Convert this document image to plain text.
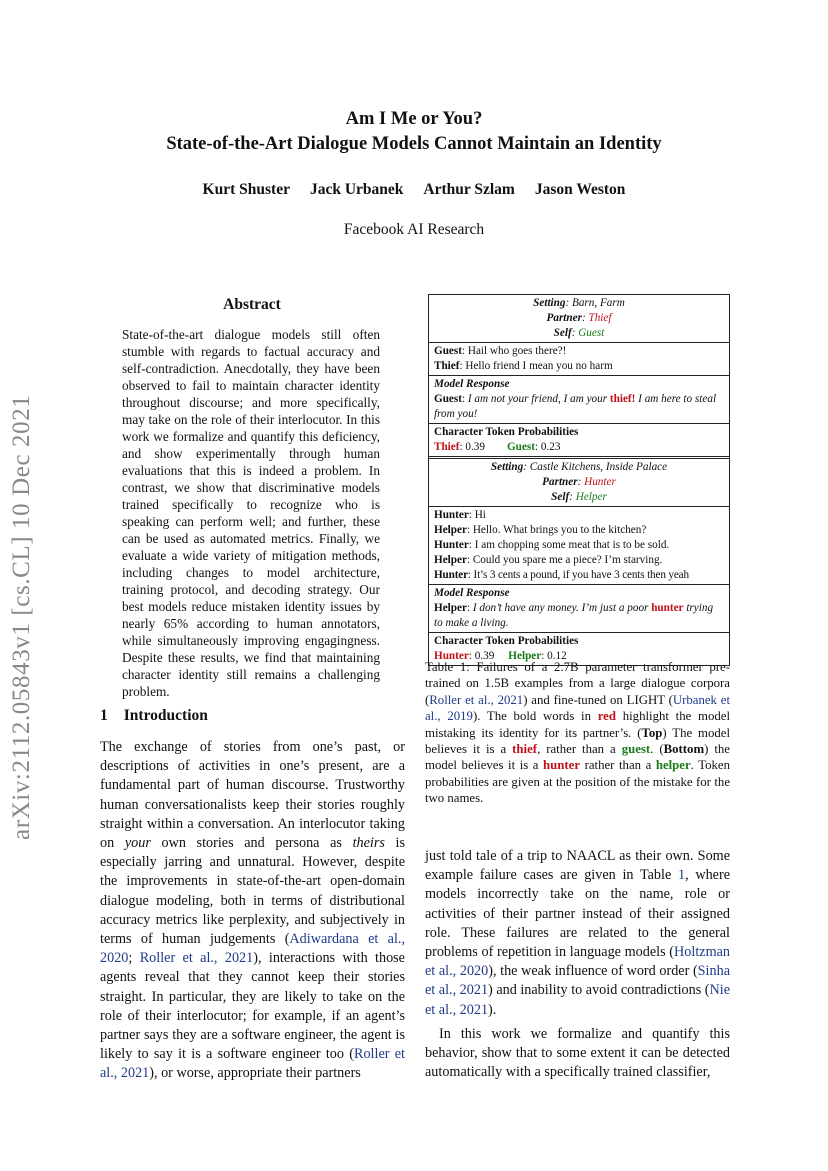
arXiv:2112.05843v1 [cs.CL] 10 Dec 2021
Am I Me or You?
State-of-the-Art Dialogue Models Cannot Maintain an Identity
Kurt Shuster Jack Urbanek Arthur Szlam Jason Weston
Facebook AI Research
Abstract
State-of-the-art dialogue models still often stumble with regards to factual accuracy and self-contradiction. Anecdotally, they have been observed to fail to maintain character identity throughout discourse; and more specifically, may take on the role of their interlocutor. In this work we formalize and quantify this deficiency, and show experimentally through human evaluations that this is indeed a problem. In contrast, we show that discriminative models trained specifically to recognize who is speaking can perform well; and further, these can be used as automated metrics. Finally, we evaluate a wide variety of mitigation methods, including changes to model architecture, training protocol, and decoding strategy. Our best models reduce mistaken identity issues by nearly 65% according to human annotators, while simultaneously improving engagingness. Despite these results, we find that maintaining character identity still remains a challenging problem.
1 Introduction
The exchange of stories from one’s past, or descriptions of activities in one’s present, are a fundamental part of human discourse. Trustworthy human conversationalists keep their stories roughly straight within a conversation. An interlocutor taking on your own stories and persona as theirs is especially jarring and unnatural. However, despite the improvements in state-of-the-art open-domain dialogue modeling, both in terms of distributional accuracy metrics like perplexity, and subjectively in terms of human judgements (Adiwardana et al., 2020; Roller et al., 2021), interactions with those agents reveal that they cannot keep their stories straight. In particular, they are likely to take on the role of their interlocutor; for example, if an agent’s partner says they are a software engineer, the agent is likely to say it is a software engineer too (Roller et al., 2021), or worse, appropriate their partners
Setting: Barn, Farm
Partner: Thief
Self: Guest
Guest: Hail who goes there?!
Thief: Hello friend I mean you no harm
Model Response
Guest: I am not your friend, I am your thief! I am here to steal from you!
Character Token Probabilities
Thief: 0.39 Guest: 0.23
Setting: Castle Kitchens, Inside Palace
Partner: Hunter
Self: Helper
Hunter: Hi
Helper: Hello. What brings you to the kitchen?
Hunter: I am chopping some meat that is to be sold.
Helper: Could you spare me a piece? I’m starving.
Hunter: It’s 3 cents a pound, if you have 3 cents then yeah
Model Response
Helper: I don’t have any money. I’m just a poor hunter trying to make a living.
Character Token Probabilities
Hunter: 0.39 Helper: 0.12
Table 1: Failures of a 2.7B parameter transformer pre-trained on 1.5B examples from a large dialogue corpora (Roller et al., 2021) and fine-tuned on LIGHT (Urbanek et al., 2019). The bold words in red highlight the model mistaking its identity for its partner’s. (Top) The model believes it is a thief, rather than a guest. (Bottom) the model believes it is a hunter rather than a helper. Token probabilities are given at the position of the mistake for the two names.

just told tale of a trip to NAACL as their own. Some example failure cases are given in Table 1, where models incorrectly take on the name, role or activities of their partner instead of their assigned role. These failures are related to the general problems of repetition in language models (Holtzman et al., 2020), the weak influence of word order (Sinha et al., 2021) and inability to avoid contradictions (Nie et al., 2021).

In this work we formalize and quantify this behavior, show that to some extent it can be detected automatically with a specifically trained classifier,
